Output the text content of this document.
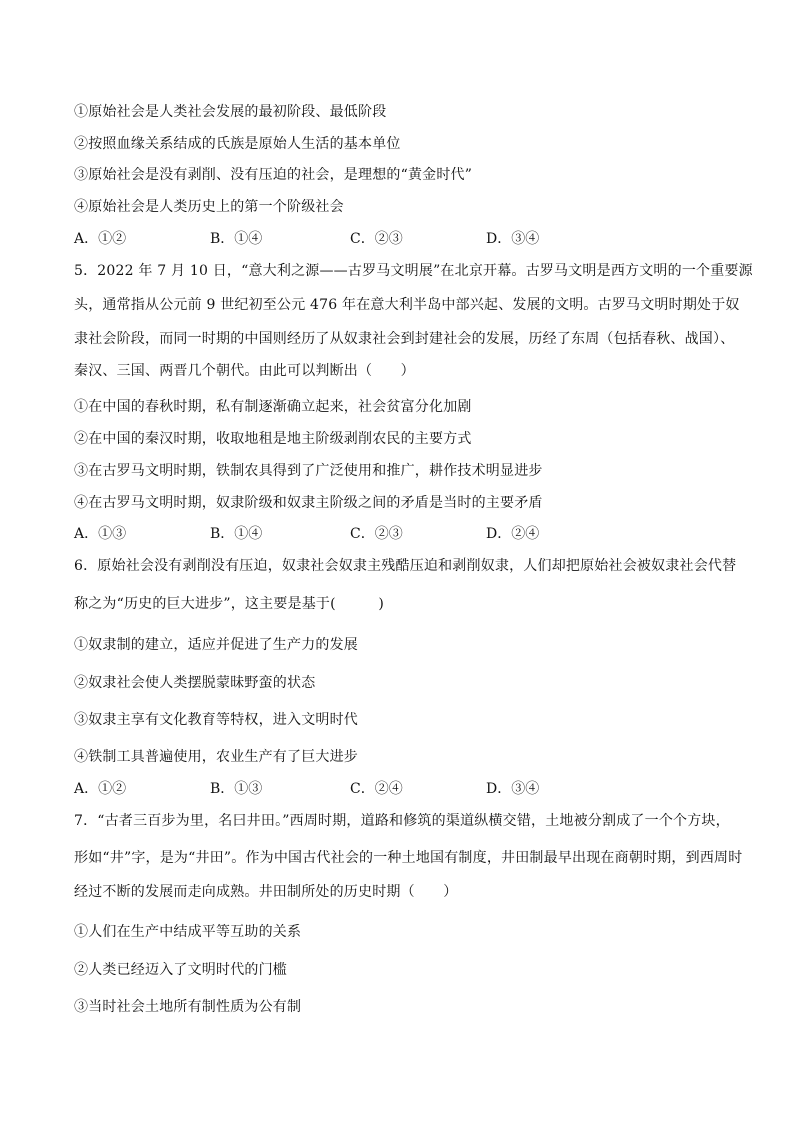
①原始社会是人类社会发展的最初阶段、最低阶段
②按照血缘关系结成的氏族是原始人生活的基本单位
③原始社会是没有剥削、没有压迫的社会，是理想的“黄金时代”
④原始社会是人类历史上的第一个阶级社会
A．①②	B．①④	C．②③	D．③④
5．2022 年 7 月 10 日，“意大利之源——古罗马文明展”在北京开幕。古罗马文明是西方文明的一个重要源
头，通常指从公元前 9 世纪初至公元 476 年在意大利半岛中部兴起、发展的文明。古罗马文明时期处于奴
隶社会阶段，而同一时期的中国则经历了从奴隶社会到封建社会的发展，历经了东周（包括春秋、战国）、
秦汉、三国、两晋几个朝代。由此可以判断出（　　）
①在中国的春秋时期，私有制逐渐确立起来，社会贫富分化加剧
②在中国的秦汉时期，收取地租是地主阶级剥削农民的主要方式
③在古罗马文明时期，铁制农具得到了广泛使用和推广，耕作技术明显进步
④在古罗马文明时期，奴隶阶级和奴隶主阶级之间的矛盾是当时的主要矛盾
A．①③	B．①④	C．②③	D．②④
6．原始社会没有剥削没有压迫，奴隶社会奴隶主残酷压迫和剥削奴隶，人们却把原始社会被奴隶社会代替
称之为“历史的巨大进步”，这主要是基于(　　　)
①奴隶制的建立，适应并促进了生产力的发展
②奴隶社会使人类摆脱蒙昧野蛮的状态
③奴隶主享有文化教育等特权，进入文明时代
④铁制工具普遍使用，农业生产有了巨大进步
A．①②	B．①③	C．②④	D．③④
7．“古者三百步为里，名曰井田。”西周时期，道路和修筑的渠道纵横交错，土地被分割成了一个个方块，
形如“井”字，是为“井田”。作为中国古代社会的一种土地国有制度，井田制最早出现在商朝时期，到西周时
经过不断的发展而走向成熟。井田制所处的历史时期（　　）
①人们在生产中结成平等互助的关系
②人类已经迈入了文明时代的门槛
③当时社会土地所有制性质为公有制
